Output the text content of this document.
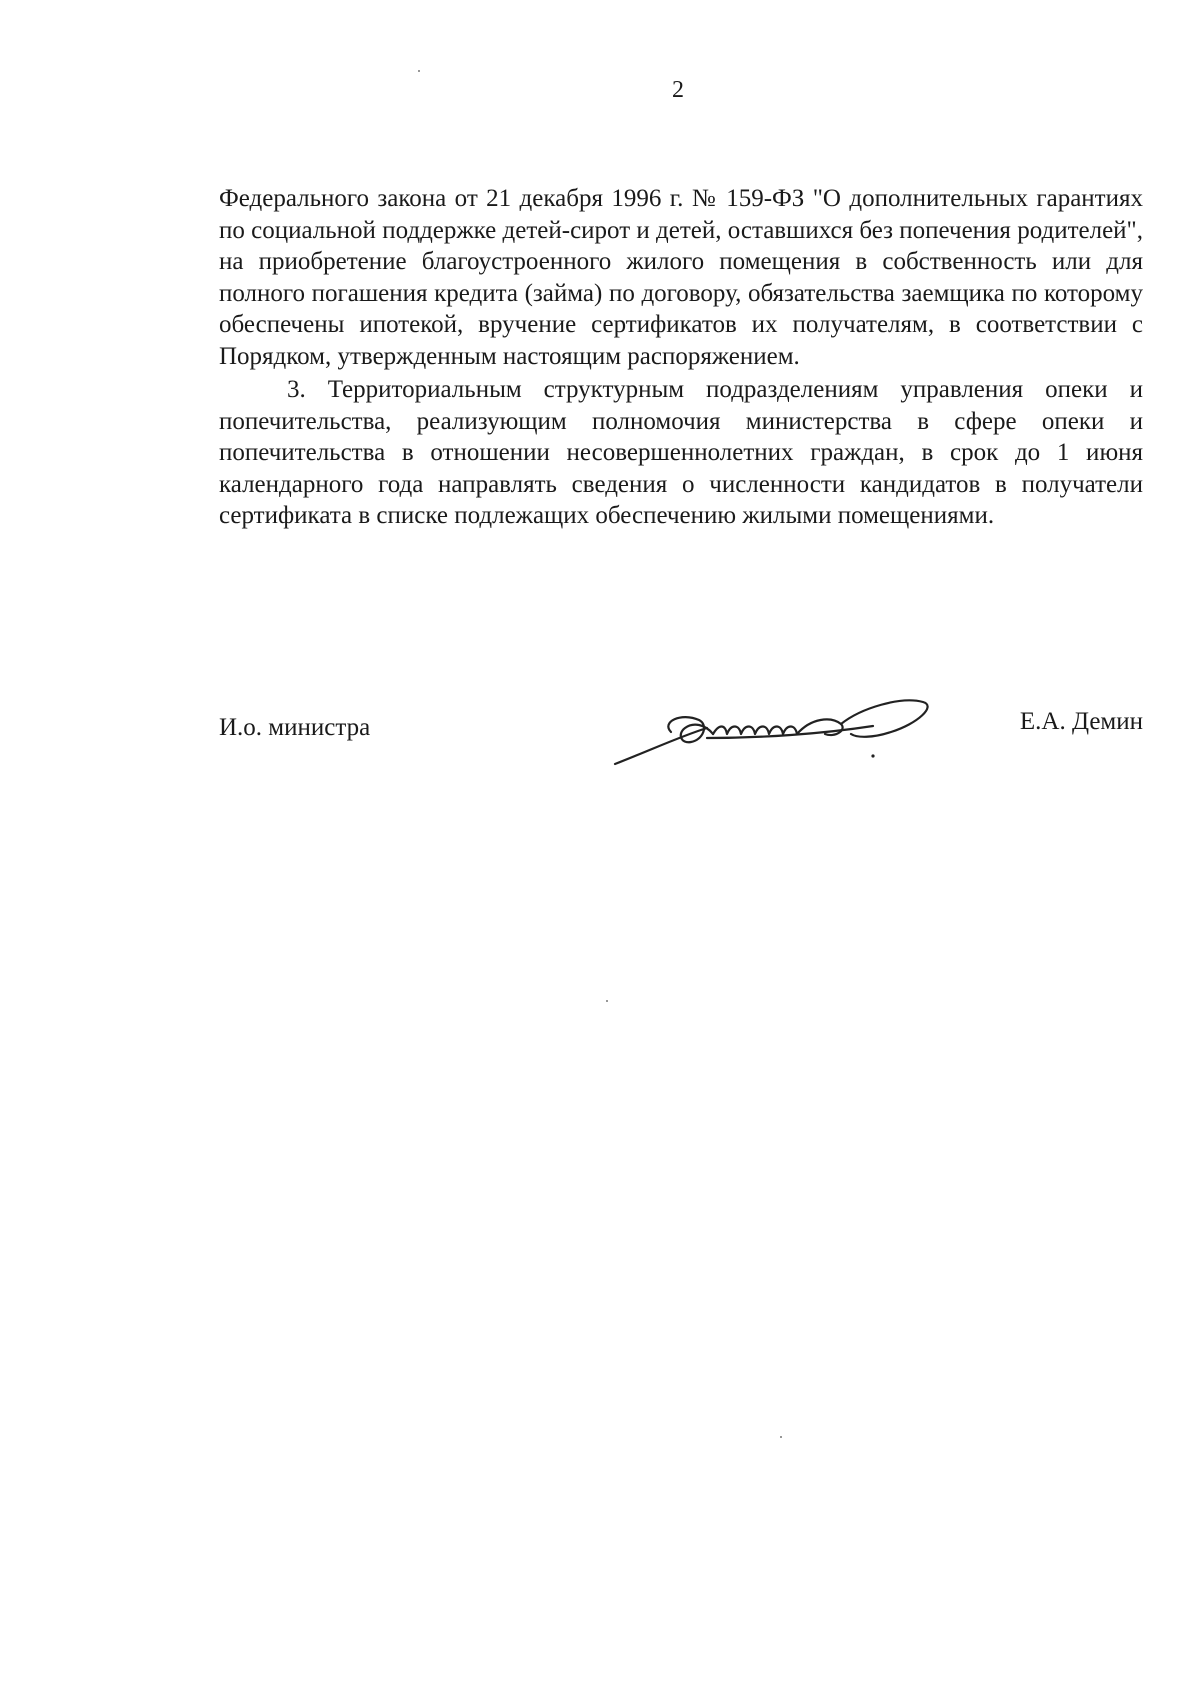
2

Федерального закона от 21 декабря 1996 г. № 159-ФЗ "О дополнительных гарантиях по социальной поддержке детей-сирот и детей, оставшихся без попечения родителей", на приобретение благоустроенного жилого помещения в собственность или для полного погашения кредита (займа) по договору, обязательства заемщика по которому обеспечены ипотекой, вручение сертификатов их получателям, в соответствии с Порядком, утвержденным настоящим распоряжением.

3. Территориальным структурным подразделениям управления опеки и попечительства, реализующим полномочия министерства в сфере опеки и попечительства в отношении несовершеннолетних граждан, в срок до 1 июня календарного года направлять сведения о численности кандидатов в получатели сертификата в списке подлежащих обеспечению жилыми помещениями.

И.о. министра	Е.А. Демин
